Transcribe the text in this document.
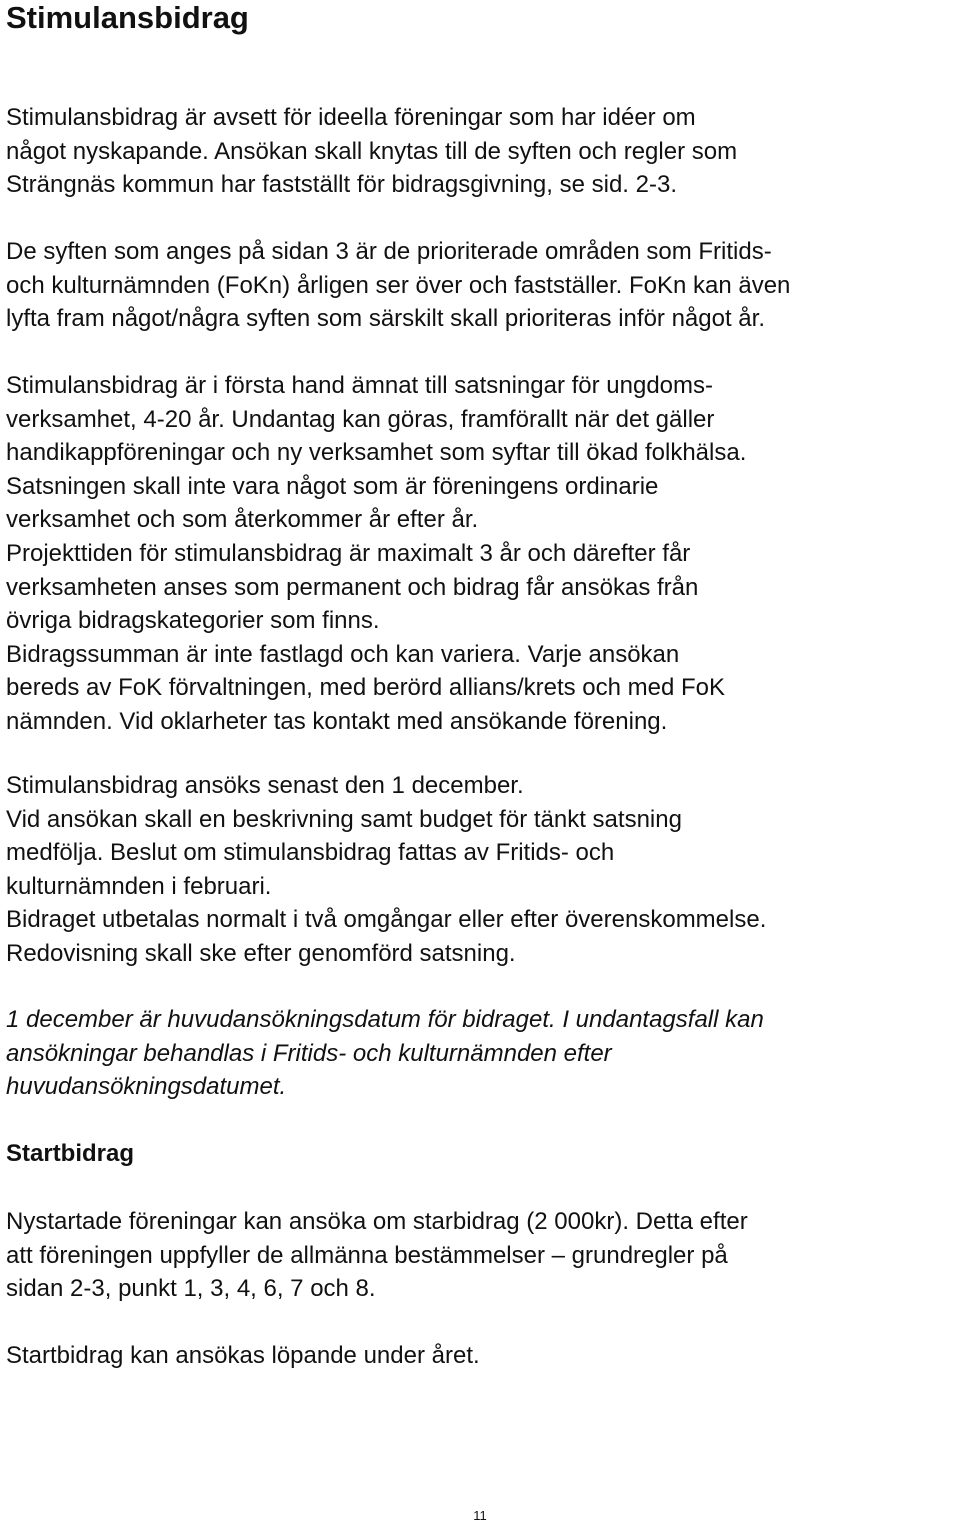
Stimulansbidrag

Stimulansbidrag är avsett för ideella föreningar som har idéer om
något nyskapande. Ansökan skall knytas till de syften och regler som
Strängnäs kommun har fastställt för bidragsgivning, se sid. 2-3.

De syften som anges på sidan 3 är de prioriterade områden som Fritids-
och kulturnämnden (FoKn) årligen ser över och fastställer. FoKn kan även
lyfta fram något/några syften som särskilt skall prioriteras inför något år.

Stimulansbidrag är i första hand ämnat till satsningar för ungdoms-
verksamhet, 4-20 år. Undantag kan göras, framförallt när det gäller
handikappföreningar och ny verksamhet som syftar till ökad folkhälsa.
Satsningen skall inte vara något som är föreningens ordinarie
verksamhet och som återkommer år efter år.
Projekttiden för stimulansbidrag är maximalt 3 år och därefter får
verksamheten anses som permanent och bidrag får ansökas från
övriga bidragskategorier som finns.
Bidragssumman är inte fastlagd och kan variera. Varje ansökan
bereds av FoK förvaltningen, med berörd allians/krets och med FoK
nämnden. Vid oklarheter tas kontakt med ansökande förening.

Stimulansbidrag ansöks senast den 1 december.
Vid ansökan skall en beskrivning samt budget för tänkt satsning
medfölja. Beslut om stimulansbidrag fattas av Fritids- och
kulturnämnden i februari.
Bidraget utbetalas normalt i två omgångar eller efter överenskommelse.
Redovisning skall ske efter genomförd satsning.

1 december är huvudansökningsdatum för bidraget. I undantagsfall kan
ansökningar behandlas i Fritids- och kulturnämnden efter
huvudansökningsdatumet.

Startbidrag

Nystartade föreningar kan ansöka om starbidrag (2 000kr). Detta efter
att föreningen uppfyller de allmänna bestämmelser – grundregler på
sidan 2-3, punkt 1, 3, 4, 6, 7 och 8.

Startbidrag kan ansökas löpande under året.

11
